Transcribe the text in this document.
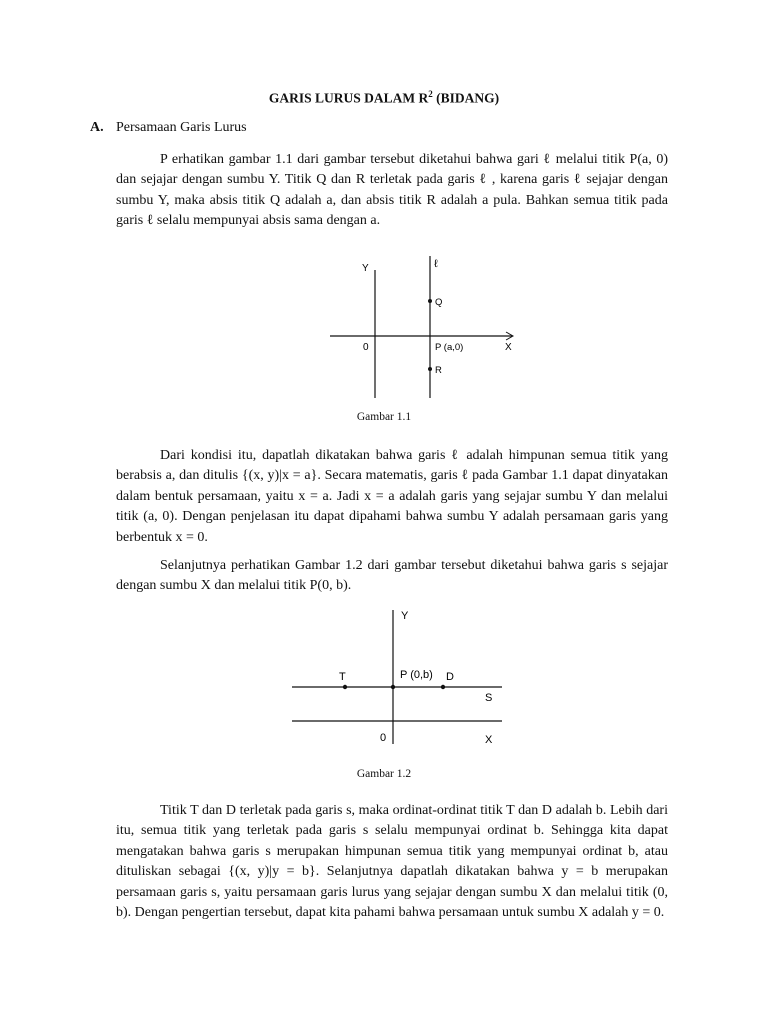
GARIS LURUS DALAM $R^2$ (BIDANG)
A. Persamaan Garis Lurus

P erhatikan gambar 1.1 dari gambar tersebut diketahui bahwa gari ℓ melalui titik P(a, 0) dan sejajar dengan sumbu Y. Titik Q dan R terletak pada garis ℓ , karena garis ℓ sejajar dengan sumbu Y, maka absis titik Q adalah a, dan absis titik R adalah a pula. Bahkan semua titik pada garis ℓ selalu mempunyai absis sama dengan a.

Y	ℓ
Q
0	P (a,0)	X
R
Gambar 1.1

Dari kondisi itu, dapatlah dikatakan bahwa garis ℓ adalah himpunan semua titik yang berabsis a, dan ditulis {(x, y)|x = a}. Secara matematis, garis ℓ pada Gambar 1.1 dapat dinyatakan dalam bentuk persamaan, yaitu x = a. Jadi x = a adalah garis yang sejajar sumbu Y dan melalui titik (a, 0). Dengan penjelasan itu dapat dipahami bahwa sumbu Y adalah persamaan garis yang berbentuk x = 0.

Selanjutnya perhatikan Gambar 1.2 dari gambar tersebut diketahui bahwa garis s sejajar dengan sumbu X dan melalui titik P(0, b).

Y
T	P (0,b) D
S
0	X
Gambar 1.2

Titik T dan D terletak pada garis s, maka ordinat-ordinat titik T dan D adalah b. Lebih dari itu, semua titik yang terletak pada garis s selalu mempunyai ordinat b. Sehingga kita dapat mengatakan bahwa garis s merupakan himpunan semua titik yang mempunyai ordinat b, atau dituliskan sebagai {(x, y)|y = b}. Selanjutnya dapatlah dikatakan bahwa y = b merupakan persamaan garis s, yaitu persamaan garis lurus yang sejajar dengan sumbu X dan melalui titik (0, b). Dengan pengertian tersebut, dapat kita pahami bahwa persamaan untuk sumbu X adalah y = 0.
